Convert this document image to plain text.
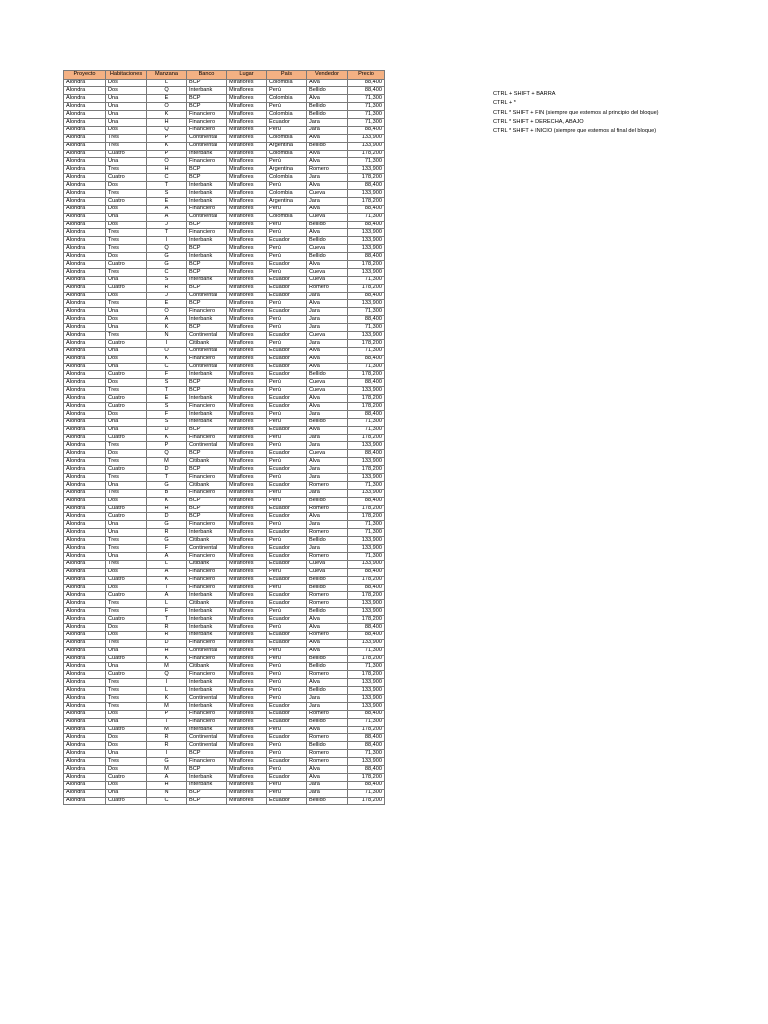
Proyecto	Habitaciones	Manzana	Banco	Lugar	País	Vendedor	Precio
Alondra	Dos	L	BCP	Miraflores	Colombia	Alva	88,400
Alondra	Dos	Q	Interbank	Miraflores	Perú	Bellido	88,400
Alondra	Una	E	BCP	Miraflores	Colombia	Alva	71,300
Alondra	Una	O	BCP	Miraflores	Perú	Bellido	71,300
Alondra	Una	K	Financiero	Miraflores	Colombia	Bellido	71,300
Alondra	Una	H	Financiero	Miraflores	Ecuador	Jara	71,300
Alondra	Dos	Q	Financiero	Miraflores	Perú	Jara	88,400
Alondra	Tres	P	Continental	Miraflores	Colombia	Alva	133,900
Alondra	Tres	K	Continental	Miraflores	Argentina	Bellido	133,900
Alondra	Cuatro	P	Interbank	Miraflores	Colombia	Alva	178,200
Alondra	Una	O	Financiero	Miraflores	Perú	Alva	71,300
Alondra	Tres	H	BCP	Miraflores	Argentina	Romero	133,900
Alondra	Cuatro	C	BCP	Miraflores	Colombia	Jara	178,200
Alondra	Dos	T	Interbank	Miraflores	Perú	Alva	88,400
Alondra	Tres	S	Interbank	Miraflores	Colombia	Cueva	133,900
Alondra	Cuatro	E	Interbank	Miraflores	Argentina	Jara	178,200
Alondra	Dos	A	Financiero	Miraflores	Perú	Alva	88,400
Alondra	Una	A	Continental	Miraflores	Colombia	Cueva	71,300
Alondra	Dos	J	BCP	Miraflores	Perú	Bellido	88,400
Alondra	Tres	T	Financiero	Miraflores	Perú	Alva	133,900
Alondra	Tres	I	Interbank	Miraflores	Ecuador	Bellido	133,900
Alondra	Tres	Q	BCP	Miraflores	Perú	Cueva	133,900
Alondra	Dos	G	Interbank	Miraflores	Perú	Bellido	88,400
Alondra	Cuatro	G	BCP	Miraflores	Ecuador	Alva	178,200
Alondra	Tres	C	BCP	Miraflores	Perú	Cueva	133,900
Alondra	Una	S	Interbank	Miraflores	Ecuador	Cueva	71,300
Alondra	Cuatro	R	BCP	Miraflores	Ecuador	Romero	178,200
Alondra	Dos	J	Continental	Miraflores	Ecuador	Jara	88,400
Alondra	Tres	E	BCP	Miraflores	Perú	Alva	133,900
Alondra	Una	O	Financiero	Miraflores	Ecuador	Jara	71,300
Alondra	Dos	A	Interbank	Miraflores	Perú	Jara	88,400
Alondra	Una	K	BCP	Miraflores	Perú	Jara	71,300
Alondra	Tres	N	Continental	Miraflores	Ecuador	Cueva	133,900
Alondra	Cuatro	I	Citibank	Miraflores	Perú	Jara	178,200
Alondra	Una	O	Continental	Miraflores	Ecuador	Alva	71,300
Alondra	Dos	K	Financiero	Miraflores	Ecuador	Alva	88,400
Alondra	Una	C	Continental	Miraflores	Ecuador	Alva	71,300
Alondra	Cuatro	F	Interbank	Miraflores	Ecuador	Bellido	178,200
Alondra	Dos	S	BCP	Miraflores	Perú	Cueva	88,400
Alondra	Tres	T	BCP	Miraflores	Perú	Cueva	133,900
Alondra	Cuatro	E	Interbank	Miraflores	Ecuador	Alva	178,200
Alondra	Cuatro	S	Financiero	Miraflores	Ecuador	Alva	178,200
Alondra	Dos	F	Interbank	Miraflores	Perú	Jara	88,400
Alondra	Una	S	Interbank	Miraflores	Perú	Bellido	71,300
Alondra	Una	D	BCP	Miraflores	Ecuador	Alva	71,300
Alondra	Cuatro	K	Financiero	Miraflores	Perú	Jara	178,200
Alondra	Tres	P	Continental	Miraflores	Perú	Jara	133,900
Alondra	Dos	Q	BCP	Miraflores	Ecuador	Cueva	88,400
Alondra	Tres	M	Citibank	Miraflores	Perú	Alva	133,900
Alondra	Cuatro	D	BCP	Miraflores	Ecuador	Jara	178,200
Alondra	Tres	T	Financiero	Miraflores	Perú	Jara	133,900
Alondra	Una	G	Citibank	Miraflores	Ecuador	Romero	71,300
Alondra	Tres	B	Financiero	Miraflores	Perú	Jara	133,900
Alondra	Dos	K	BCP	Miraflores	Perú	Bellido	88,400
Alondra	Cuatro	H	BCP	Miraflores	Ecuador	Romero	178,200
Alondra	Cuatro	D	BCP	Miraflores	Ecuador	Alva	178,200
Alondra	Una	G	Financiero	Miraflores	Perú	Jara	71,300
Alondra	Una	R	Interbank	Miraflores	Ecuador	Romero	71,300
Alondra	Tres	G	Citibank	Miraflores	Perú	Bellido	133,900
Alondra	Tres	F	Continental	Miraflores	Ecuador	Jara	133,900
Alondra	Una	A	Financiero	Miraflores	Ecuador	Romero	71,300
Alondra	Tres	L	Citibank	Miraflores	Ecuador	Cueva	133,900
Alondra	Dos	A	Financiero	Miraflores	Perú	Cueva	88,400
Alondra	Cuatro	K	Financiero	Miraflores	Ecuador	Bellido	178,200
Alondra	Dos	T	Financiero	Miraflores	Perú	Bellido	88,400
Alondra	Cuatro	A	Interbank	Miraflores	Ecuador	Romero	178,200
Alondra	Tres	L	Citibank	Miraflores	Ecuador	Romero	133,900
Alondra	Tres	F	Interbank	Miraflores	Perú	Bellido	133,900
Alondra	Cuatro	T	Interbank	Miraflores	Ecuador	Alva	178,200
Alondra	Dos	R	Interbank	Miraflores	Perú	Alva	88,400
Alondra	Dos	R	Interbank	Miraflores	Ecuador	Romero	88,400
Alondra	Tres	D	Financiero	Miraflores	Ecuador	Alva	133,900
Alondra	Una	H	Continental	Miraflores	Perú	Alva	71,300
Alondra	Cuatro	K	Financiero	Miraflores	Perú	Bellido	178,200
Alondra	Una	M	Citibank	Miraflores	Perú	Bellido	71,300
Alondra	Cuatro	Q	Financiero	Miraflores	Perú	Romero	178,200
Alondra	Tres	I	Interbank	Miraflores	Perú	Alva	133,900
Alondra	Tres	L	Interbank	Miraflores	Perú	Bellido	133,900
Alondra	Tres	K	Continental	Miraflores	Perú	Jara	133,900
Alondra	Tres	M	Interbank	Miraflores	Ecuador	Jara	133,900
Alondra	Dos	P	Financiero	Miraflores	Ecuador	Romero	88,400
Alondra	Una	I	Financiero	Miraflores	Ecuador	Bellido	71,300
Alondra	Cuatro	M	Interbank	Miraflores	Perú	Alva	178,200
Alondra	Dos	R	Continental	Miraflores	Ecuador	Romero	88,400
Alondra	Dos	R	Continental	Miraflores	Perú	Bellido	88,400
Alondra	Una	I	BCP	Miraflores	Perú	Romero	71,300
Alondra	Tres	G	Financiero	Miraflores	Ecuador	Romero	133,900
Alondra	Dos	M	BCP	Miraflores	Perú	Alva	88,400
Alondra	Cuatro	A	Interbank	Miraflores	Ecuador	Alva	178,200
Alondra	Dos	H	Interbank	Miraflores	Perú	Jara	88,400
Alondra	Una	N	BCP	Miraflores	Perú	Jara	71,300
Alondra	Cuatro	C	BCP	Miraflores	Ecuador	Bellido	178,200
CTRL + SHIFT + BARRA
CTRL + *
CTRL * SHIFT + FIN (siempre que estemos al principio del bloque)
CTRL * SHIFT + DERECHA, ABAJO
CTRL * SHIFT + INICIO (siempre que estemos al final del bloque)
